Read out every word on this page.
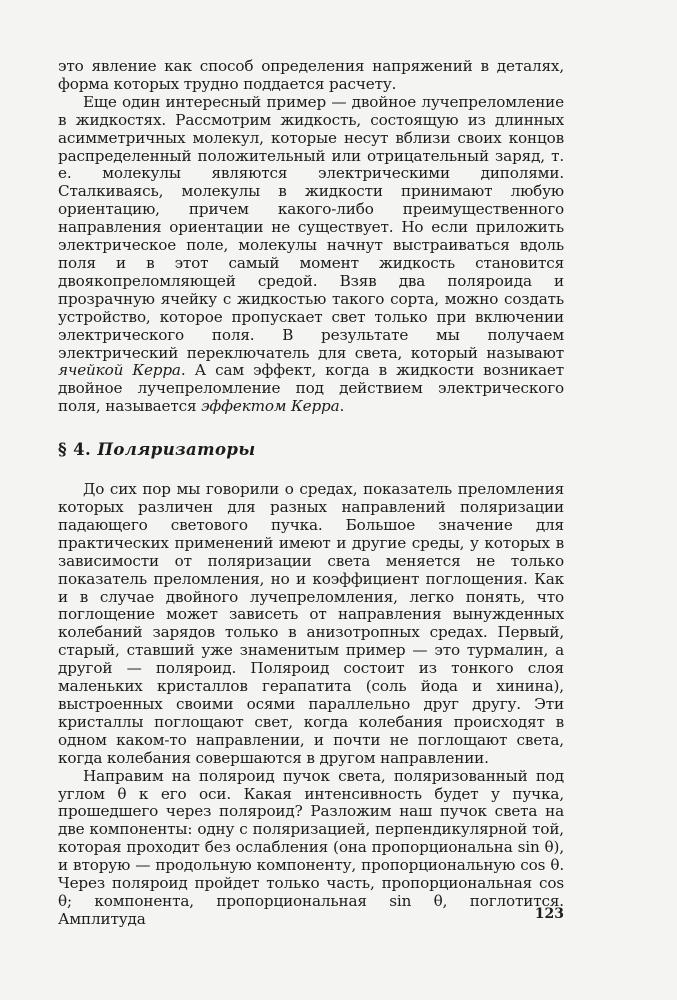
это явление как способ определения напряжений в деталях, форма которых трудно поддается расчету.

Еще один интересный пример — двойное лучепреломление в жидкостях. Рассмотрим жидкость, состоящую из длинных асимметричных молекул, которые несут вблизи своих концов распределенный положительный или отрицательный заряд, т. е. молекулы являются электрическими диполями. Сталкиваясь, молекулы в жидкости принимают любую ориентацию, причем какого-либо преимущественного направления ориентации не существует. Но если приложить электрическое поле, молекулы начнут выстраиваться вдоль поля и в этот самый момент жидкость становится двоякопреломляющей средой. Взяв два поляроида и прозрачную ячейку с жидкостью такого сорта, можно создать устройство, которое пропускает свет только при включении электрического поля. В результате мы получаем электрический переключатель для света, который называют ячейкой Керра. А сам эффект, когда в жидкости возникает двойное лучепреломление под действием электрического поля, называется эффектом Керра.

§ 4. Поляризаторы

До сих пор мы говорили о средах, показатель преломления которых различен для разных направлений поляризации падающего светового пучка. Большое значение для практических применений имеют и другие среды, у которых в зависимости от поляризации света меняется не только показатель преломления, но и коэффициент поглощения. Как и в случае двойного лучепреломления, легко понять, что поглощение может зависеть от направления вынужденных колебаний зарядов только в анизотропных средах. Первый, старый, ставший уже знаменитым пример — это турмалин, а другой — поляроид. Поляроид состоит из тонкого слоя маленьких кристаллов герапатита (соль йода и хинина), выстроенных своими осями параллельно друг другу. Эти кристаллы поглощают свет, когда колебания происходят в одном каком-то направлении, и почти не поглощают света, когда колебания совершаются в другом направлении.

Направим на поляроид пучок света, поляризованный под углом θ к его оси. Какая интенсивность будет у пучка, прошедшего через поляроид? Разложим наш пучок света на две компоненты: одну с поляризацией, перпендикулярной той, которая проходит без ослабления (она пропорциональна sin θ), и вторую — продольную компоненту, пропорциональную cos θ. Через поляроид пройдет только часть, пропорциональная cos θ; компонента, пропорциональная sin θ, поглотится. Амплитуда	123
